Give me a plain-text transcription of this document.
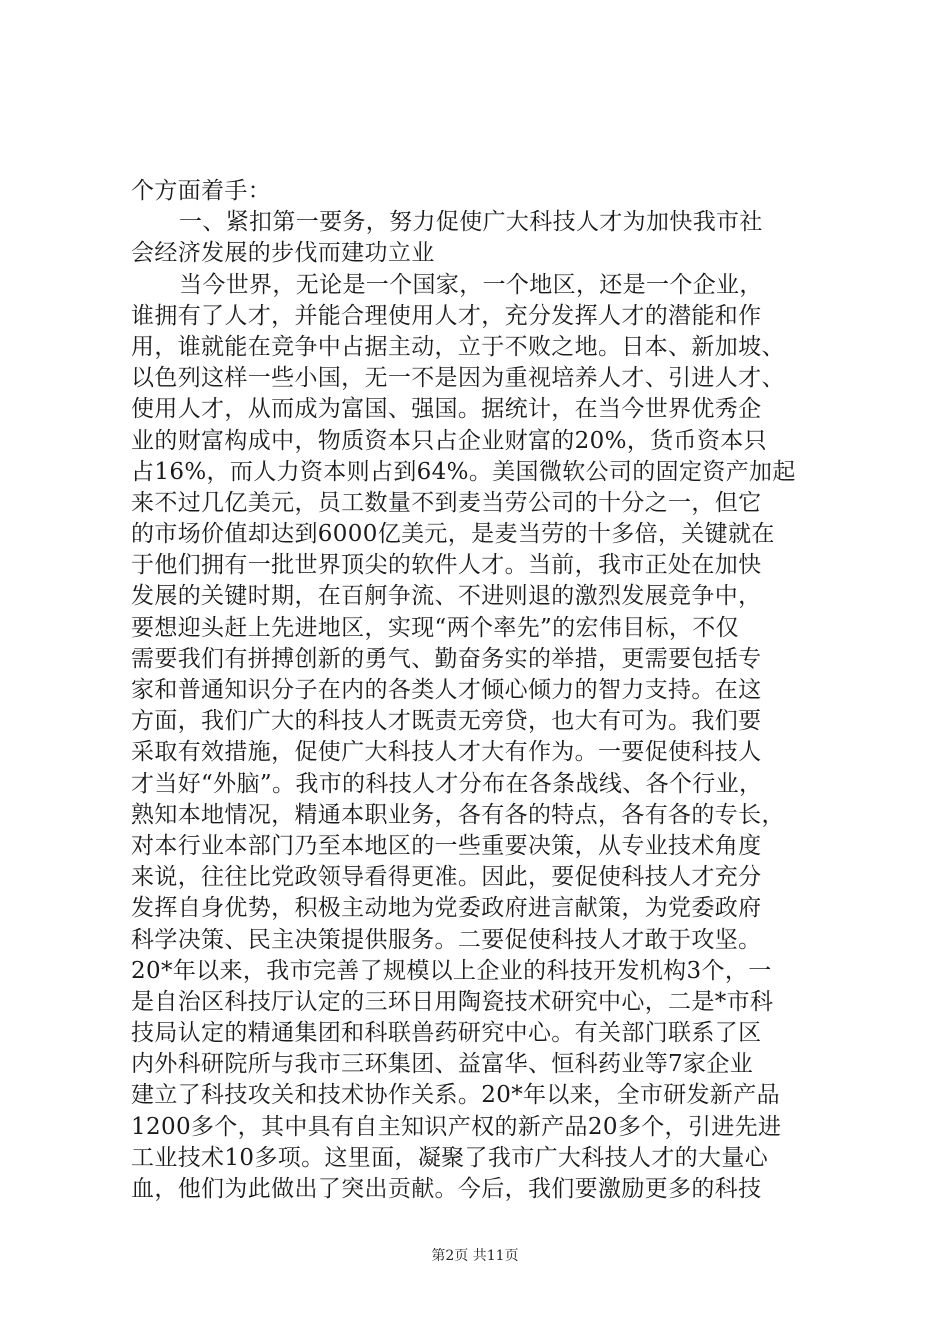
个方面着手：
一、紧扣第一要务，努力促使广大科技人才为加快我市社
会经济发展的步伐而建功立业
当今世界，无论是一个国家，一个地区，还是一个企业，
谁拥有了人才，并能合理使用人才，充分发挥人才的潜能和作
用，谁就能在竞争中占据主动，立于不败之地。日本、新加坡、
以色列这样一些小国，无一不是因为重视培养人才、引进人才、
使用人才，从而成为富国、强国。据统计，在当今世界优秀企
业的财富构成中，物质资本只占企业财富的20%，货币资本只
占16%，而人力资本则占到64%。美国微软公司的固定资产加起
来不过几亿美元，员工数量不到麦当劳公司的十分之一，但它
的市场价值却达到6000亿美元，是麦当劳的十多倍，关键就在
于他们拥有一批世界顶尖的软件人才。当前，我市正处在加快
发展的关键时期，在百舸争流、不进则退的激烈发展竞争中，
要想迎头赶上先进地区，实现“两个率先”的宏伟目标，不仅
需要我们有拼搏创新的勇气、勤奋务实的举措，更需要包括专
家和普通知识分子在内的各类人才倾心倾力的智力支持。在这
方面，我们广大的科技人才既责无旁贷，也大有可为。我们要
采取有效措施，促使广大科技人才大有作为。一要促使科技人
才当好“外脑”。我市的科技人才分布在各条战线、各个行业，
熟知本地情况，精通本职业务，各有各的特点，各有各的专长，
对本行业本部门乃至本地区的一些重要决策，从专业技术角度
来说，往往比党政领导看得更准。因此，要促使科技人才充分
发挥自身优势，积极主动地为党委政府进言献策，为党委政府
科学决策、民主决策提供服务。二要促使科技人才敢于攻坚。
20*年以来，我市完善了规模以上企业的科技开发机构3个，一
是自治区科技厅认定的三环日用陶瓷技术研究中心，二是*市科
技局认定的精通集团和科联兽药研究中心。有关部门联系了区
内外科研院所与我市三环集团、益富华、恒科药业等7家企业
建立了科技攻关和技术协作关系。20*年以来，全市研发新产品
1200多个，其中具有自主知识产权的新产品20多个，引进先进
工业技术10多项。这里面，凝聚了我市广大科技人才的大量心
血，他们为此做出了突出贡献。今后，我们要激励更多的科技
第2页 共11页
